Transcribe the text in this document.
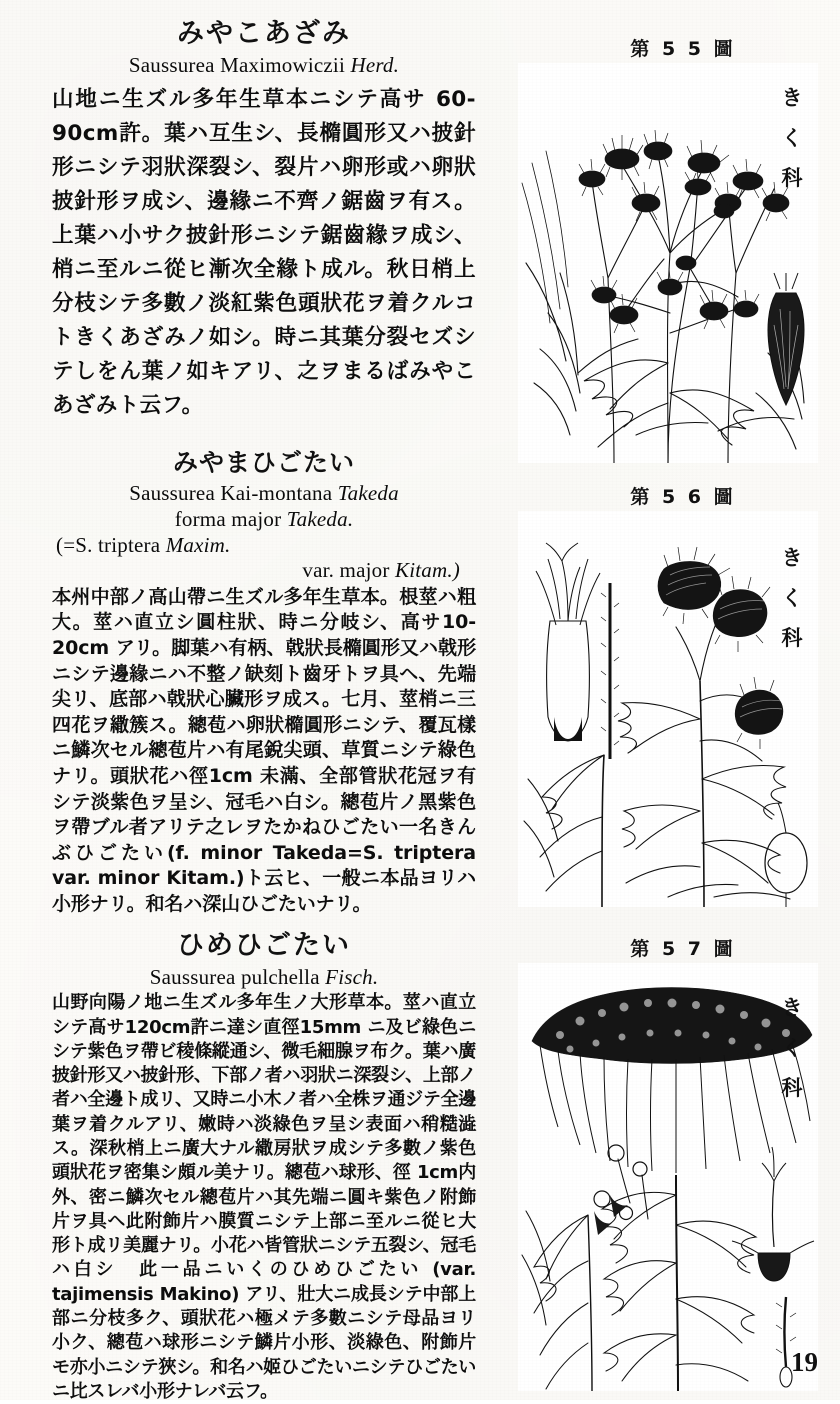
みやこあざみ

Saussurea Maximowiczii Herd.

山地ニ生ズル多年生草本ニシテ高サ 60-90cm許。葉ハ互生シ、長橢圓形又ハ披針形ニシテ羽狀深裂シ、裂片ハ卵形或ハ卵狀披針形ヲ成シ、邊緣ニ不齊ノ鋸齒ヲ有ス。上葉ハ小サク披針形ニシテ鋸齒緣ヲ成シ、梢ニ至ルニ從ヒ漸次全緣ト成ル。秋日梢上分枝シテ多數ノ淡紅紫色頭狀花ヲ着クルコトきくあざみノ如シ。時ニ其葉分裂セズシテしをん葉ノ如キアリ、之ヲまるばみやこあざみト云フ。

みやまひごたい

Saussurea Kai-montana Takeda

forma major Takeda.

(=S. triptera Maxim.

var. major Kitam.)

本州中部ノ高山帶ニ生ズル多年生草本。根莖ハ粗大。莖ハ直立シ圓柱狀、時ニ分岐シ、高サ10-20cm アリ。脚葉ハ有柄、戟狀長橢圓形又ハ戟形ニシテ邊緣ニハ不整ノ缺刻ト齒牙トヲ具ヘ、先端尖リ、底部ハ戟狀心臟形ヲ成ス。七月、莖梢ニ三四花ヲ繖簇ス。總苞ハ卵狀橢圓形ニシテ、覆瓦樣ニ鱗次セル總苞片ハ有尾銳尖頭、草質ニシテ綠色ナリ。頭狀花ハ徑1cm 未滿、全部管狀花冠ヲ有シテ淡紫色ヲ呈シ、冠毛ハ白シ。總苞片ノ黑紫色ヲ帶ブル者アリテ之レヲたかねひごたい一名きんぶひごたい(f. minor Takeda=S. triptera var. minor Kitam.)ト云ヒ、一般ニ本品ヨリハ小形ナリ。和名ハ深山ひごたいナリ。

ひめひごたい

Saussurea pulchella Fisch.

山野向陽ノ地ニ生ズル多年生ノ大形草本。莖ハ直立シテ高サ120cm許ニ達シ直徑15mm ニ及ビ綠色ニシテ紫色ヲ帶ビ稜條縱通シ、微毛細腺ヲ布ク。葉ハ廣披針形又ハ披針形、下部ノ者ハ羽狀ニ深裂シ、上部ノ者ハ全邊ト成リ、又時ニ小木ノ者ハ全株ヲ通ジテ全邊葉ヲ着クルアリ、嫩時ハ淡綠色ヲ呈シ表面ハ稍糙澁ス。深秋梢上ニ廣大ナル繖房狀ヲ成シテ多數ノ紫色頭狀花ヲ密集シ頗ル美ナリ。總苞ハ球形、徑 1cm内外、密ニ鱗次セル總苞片ハ其先端ニ圓キ紫色ノ附飾片ヲ具ヘ此附飾片ハ膜質ニシテ上部ニ至ルニ從ヒ大形ト成リ美麗ナリ。小花ハ皆管狀ニシテ五裂シ、冠毛ハ白シ　此一品ニいくのひめひごたい (var. tajimensis Makino) アリ、壯大ニ成長シテ中部上部ニ分枝多ク、頭狀花ハ極メテ多數ニシテ母品ヨリ小ク、總苞ハ球形ニシテ鱗片小形、淡綠色、附飾片モ亦小ニシテ狹シ。和名ハ姬ひごたいニシテひごたいニ比スレバ小形ナレバ云フ。

第 5 5 圖
第 5 6 圖
第 5 7 圖
き
く
科
き
く
科
き
く
科
19
